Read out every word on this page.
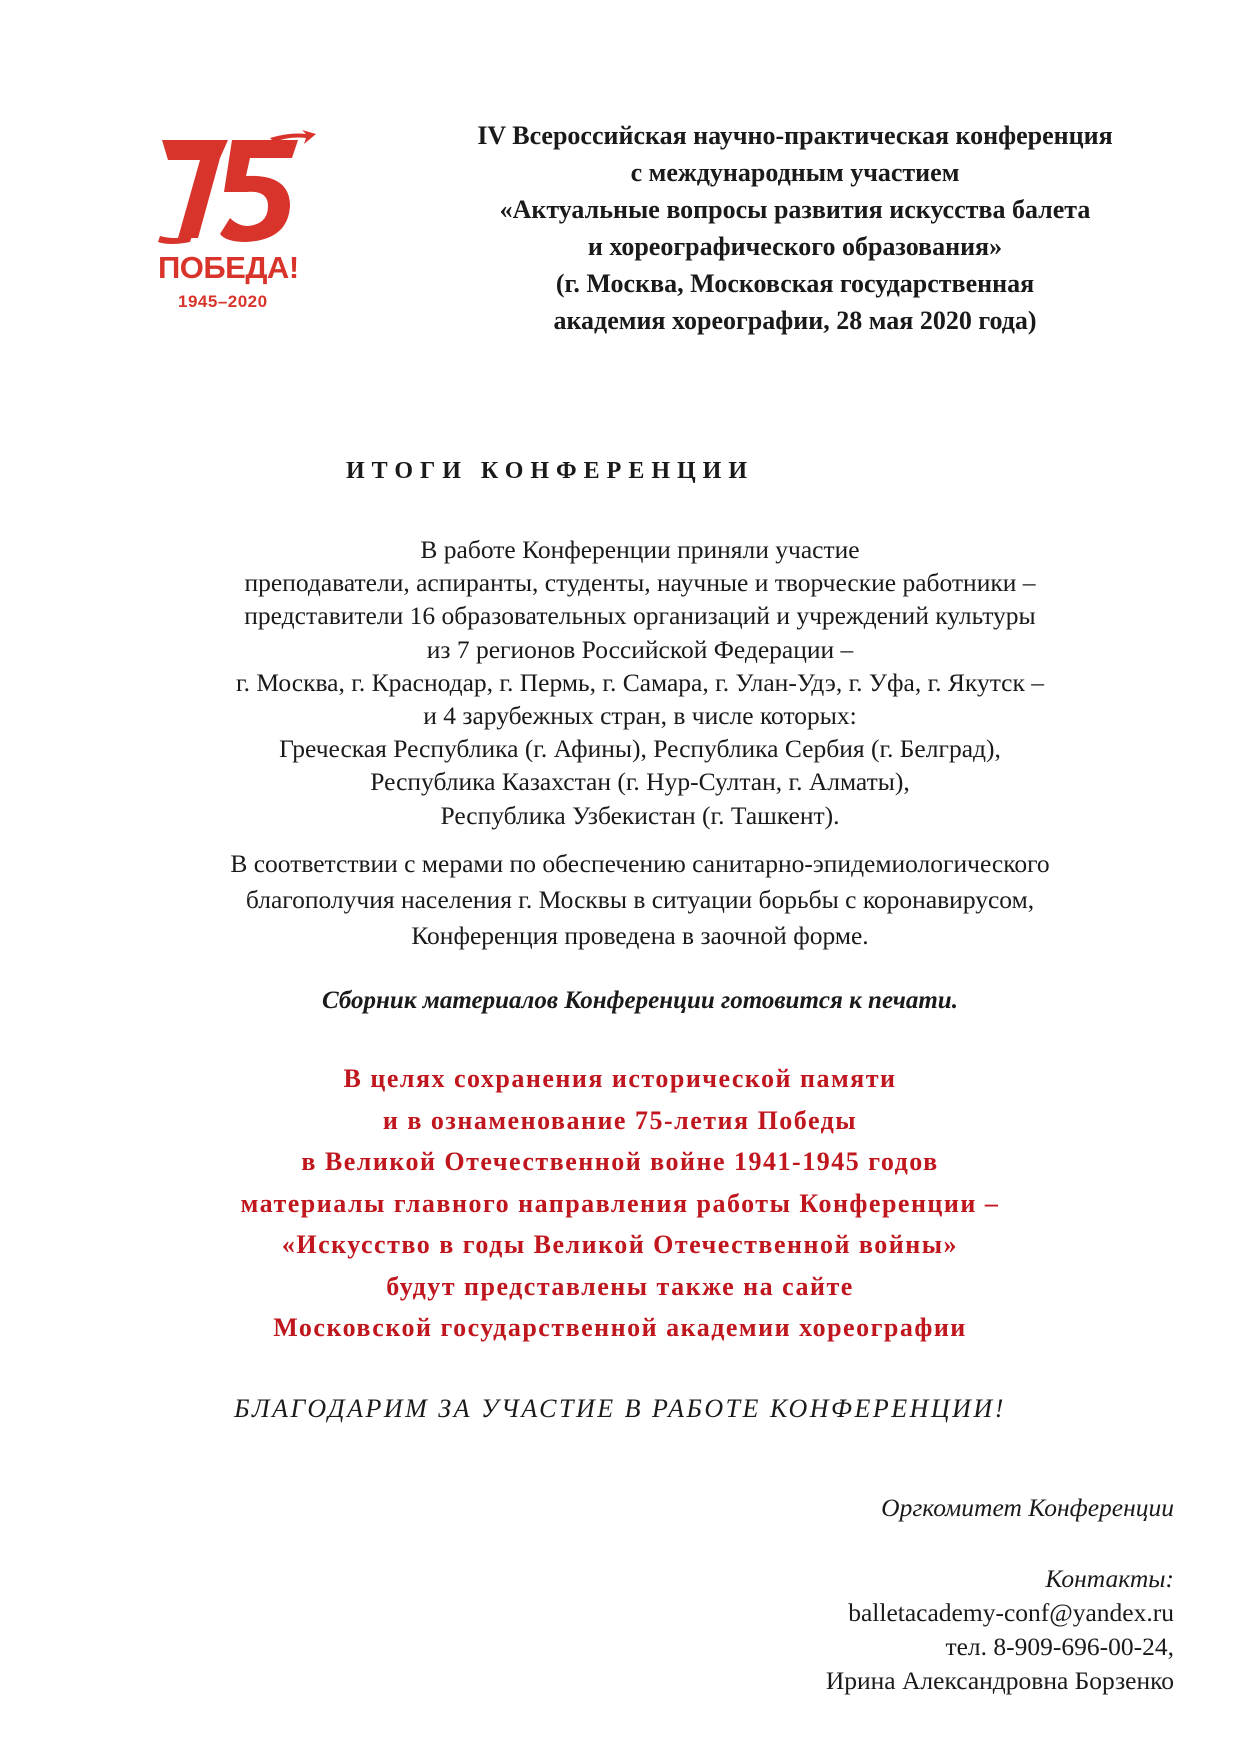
ПОБЕДА!
1945–2020
IV Всероссийская научно-практическая конференция
с международным участием
«Актуальные вопросы развития искусства балета
и хореографического образования»
(г. Москва, Московская государственная
академия хореографии, 28 мая 2020 года)
ИТОГИ КОНФЕРЕНЦИИ
В работе Конференции приняли участие
преподаватели, аспиранты, студенты, научные и творческие работники –
представители 16 образовательных организаций и учреждений культуры
из 7 регионов Российской Федерации –
г. Москва, г. Краснодар, г. Пермь, г. Самара, г. Улан-Удэ, г. Уфа, г. Якутск –
и 4 зарубежных стран, в числе которых:
Греческая Республика (г. Афины), Республика Сербия (г. Белград),
Республика Казахстан (г. Нур-Султан, г. Алматы),
Республика Узбекистан (г. Ташкент).
В соответствии с мерами по обеспечению санитарно-эпидемиологического
благополучия населения г. Москвы в ситуации борьбы с коронавирусом,
Конференция проведена в заочной форме.
Сборник материалов Конференции готовится к печати.
В целях сохранения исторической памяти
и в ознаменование 75-летия Победы
в Великой Отечественной войне 1941-1945 годов
материалы главного направления работы Конференции –
«Искусство в годы Великой Отечественной войны»
будут представлены также на сайте
Московской государственной академии хореографии
БЛАГОДАРИМ ЗА УЧАСТИЕ В РАБОТЕ КОНФЕРЕНЦИИ!
Оргкомитет Конференции
Контакты:
balletacademy-conf@yandex.ru
тел. 8-909-696-00-24,
Ирина Александровна Борзенко
